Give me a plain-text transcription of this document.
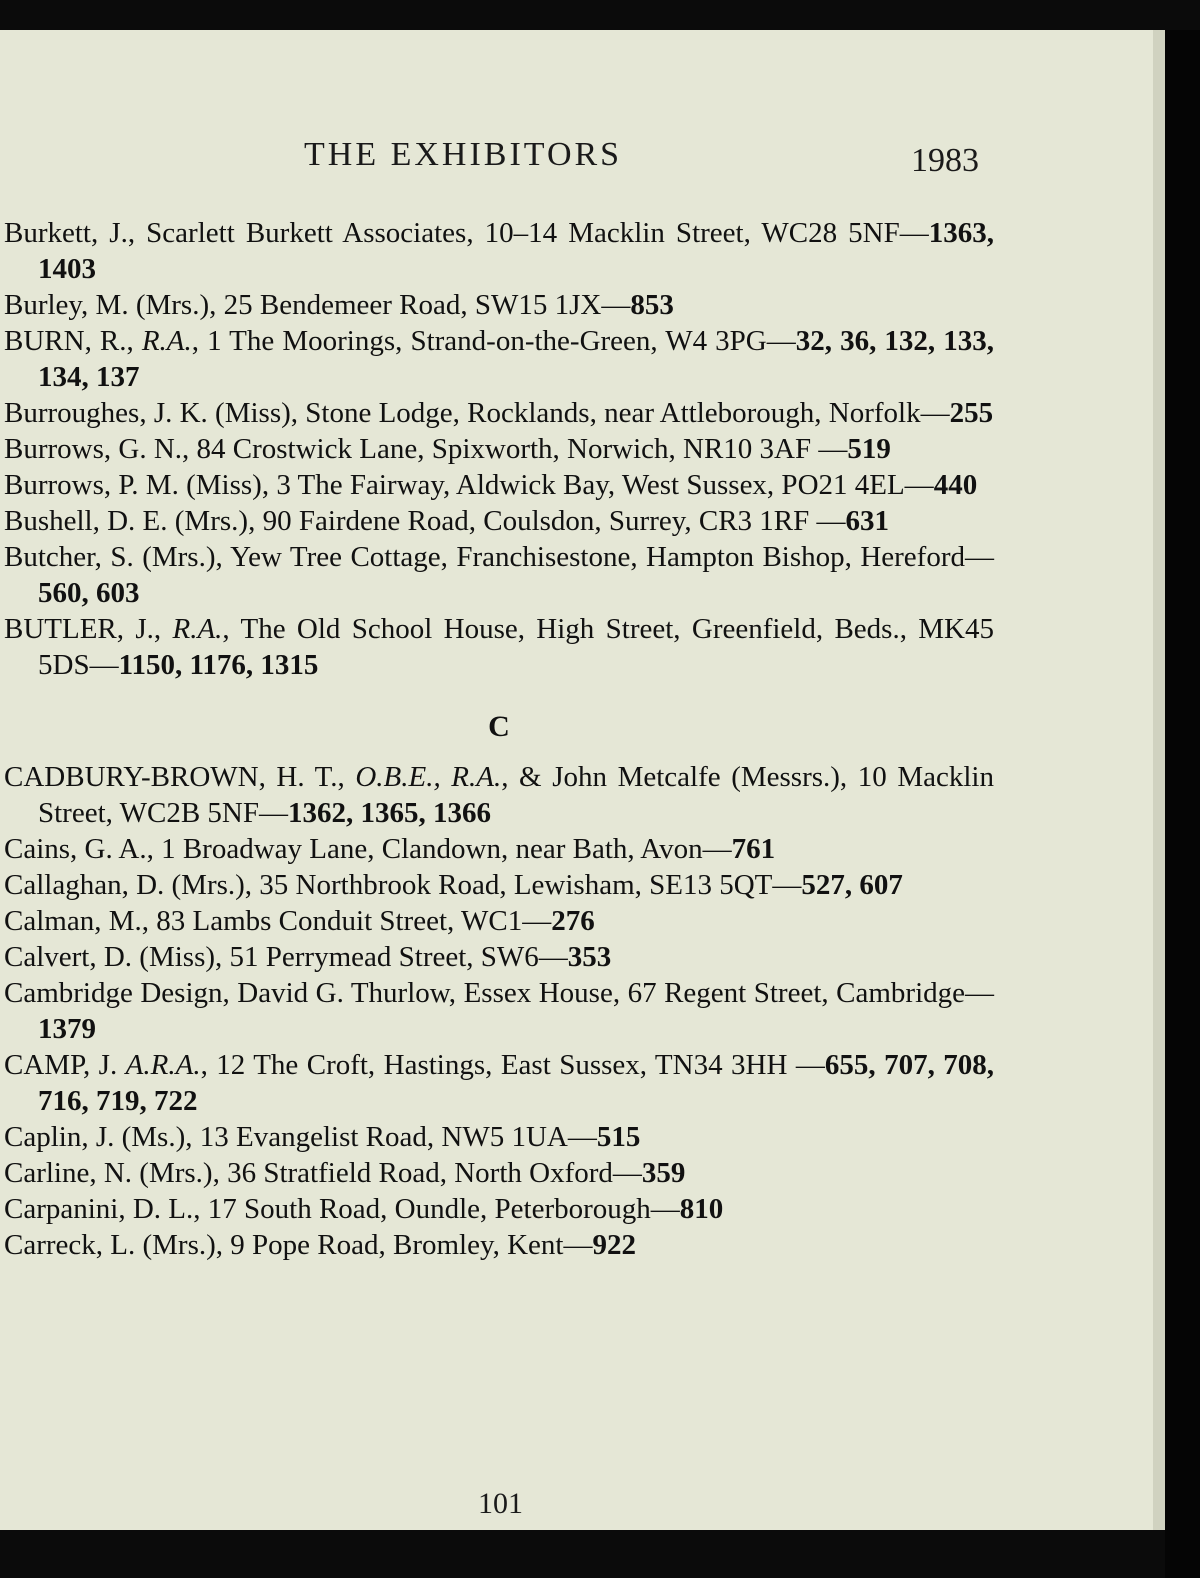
THE EXHIBITORS	1983

Burkett, J., Scarlett Burkett Associates, 10–14 Macklin Street, WC28 5NF—1363, 1403

Burley, M. (Mrs.), 25 Bendemeer Road, SW15 1JX—853

BURN, R., R.A., 1 The Moorings, Strand-on-the-Green, W4 3PG—32, 36, 132, 133, 134, 137

Burroughes, J. K. (Miss), Stone Lodge, Rocklands, near Attleborough, Norfolk—255

Burrows, G. N., 84 Crostwick Lane, Spixworth, Norwich, NR10 3AF —519

Burrows, P. M. (Miss), 3 The Fairway, Aldwick Bay, West Sussex, PO21 4EL—440

Bushell, D. E. (Mrs.), 90 Fairdene Road, Coulsdon, Surrey, CR3 1RF —631

Butcher, S. (Mrs.), Yew Tree Cottage, Franchisestone, Hampton Bishop, Hereford—560, 603

BUTLER, J., R.A., The Old School House, High Street, Greenfield, Beds., MK45 5DS—1150, 1176, 1315

C

CADBURY-BROWN, H. T., O.B.E., R.A., & John Metcalfe (Messrs.), 10 Macklin Street, WC2B 5NF—1362, 1365, 1366

Cains, G. A., 1 Broadway Lane, Clandown, near Bath, Avon—761

Callaghan, D. (Mrs.), 35 Northbrook Road, Lewisham, SE13 5QT—527, 607

Calman, M., 83 Lambs Conduit Street, WC1—276

Calvert, D. (Miss), 51 Perrymead Street, SW6—353

Cambridge Design, David G. Thurlow, Essex House, 67 Regent Street, Cambridge—1379

CAMP, J. A.R.A., 12 The Croft, Hastings, East Sussex, TN34 3HH —655, 707, 708, 716, 719, 722

Caplin, J. (Ms.), 13 Evangelist Road, NW5 1UA—515

Carline, N. (Mrs.), 36 Stratfield Road, North Oxford—359

Carpanini, D. L., 17 South Road, Oundle, Peterborough—810

Carreck, L. (Mrs.), 9 Pope Road, Bromley, Kent—922

101
